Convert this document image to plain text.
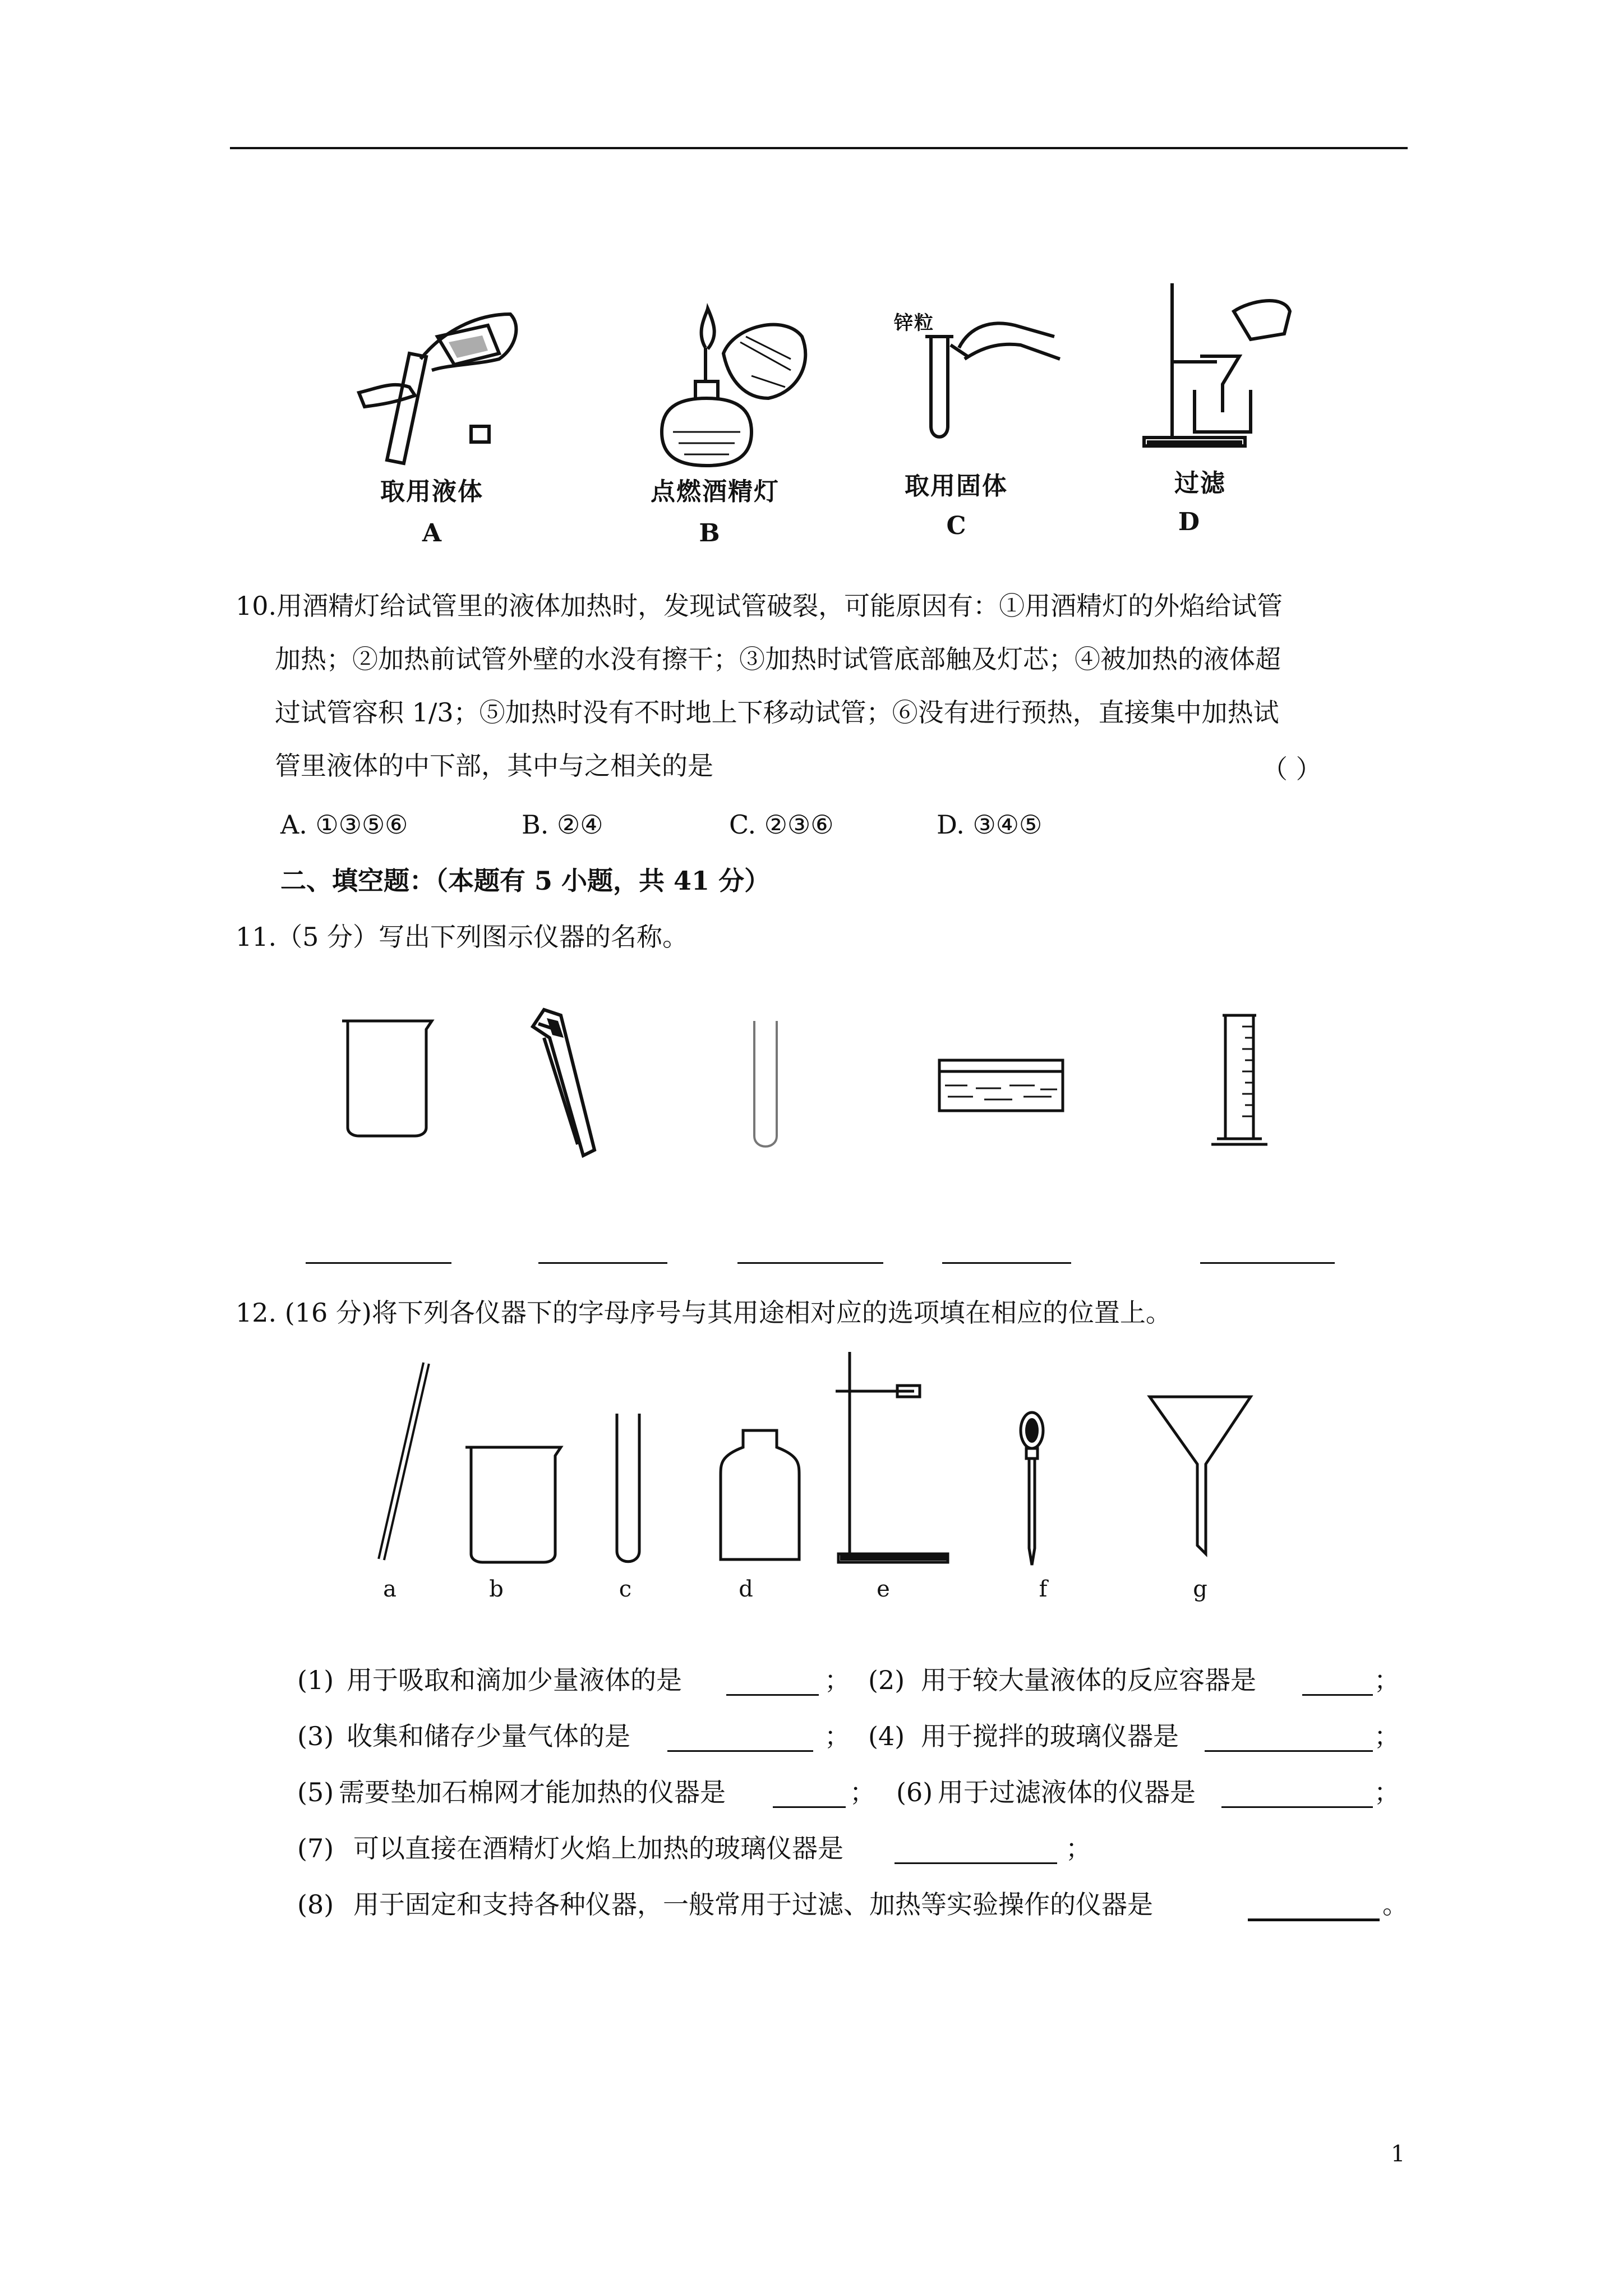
取用液体
A
点燃酒精灯
B
锌粒
取用固体
C
过滤
D
10.用酒精灯给试管里的液体加热时，发现试管破裂，可能原因有：①用酒精灯的外焰给试管
加热；②加热前试管外壁的水没有擦干；③加热时试管底部触及灯芯；④被加热的液体超
过试管容积 1/3；⑤加热时没有不时地上下移动试管；⑥没有进行预热，直接集中加热试
管里液体的中下部，其中与之相关的是	（ ）
A. ①③⑤⑥	B. ②④	C. ②③⑥	D. ③④⑤
二、填空题：（本题有 5 小题，共 41 分）
11.（5 分）写出下列图示仪器的名称。
12. (16 分)将下列各仪器下的字母序号与其用途相对应的选项填在相应的位置上。
a	b	c	d	e	f	g
(1) 用于吸取和滴加少量液体的是	； (2) 用于较大量液体的反应容器是	；
(3) 收集和储存少量气体的是	； (4) 用于搅拌的玻璃仪器是	；
(5) 需要垫加石棉网才能加热的仪器是	； (6) 用于过滤液体的仪器是	；
(7) 可以直接在酒精灯火焰上加热的玻璃仪器是	；
(8) 用于固定和支持各种仪器，一般常用于过滤、加热等实验操作的仪器是	。
1
